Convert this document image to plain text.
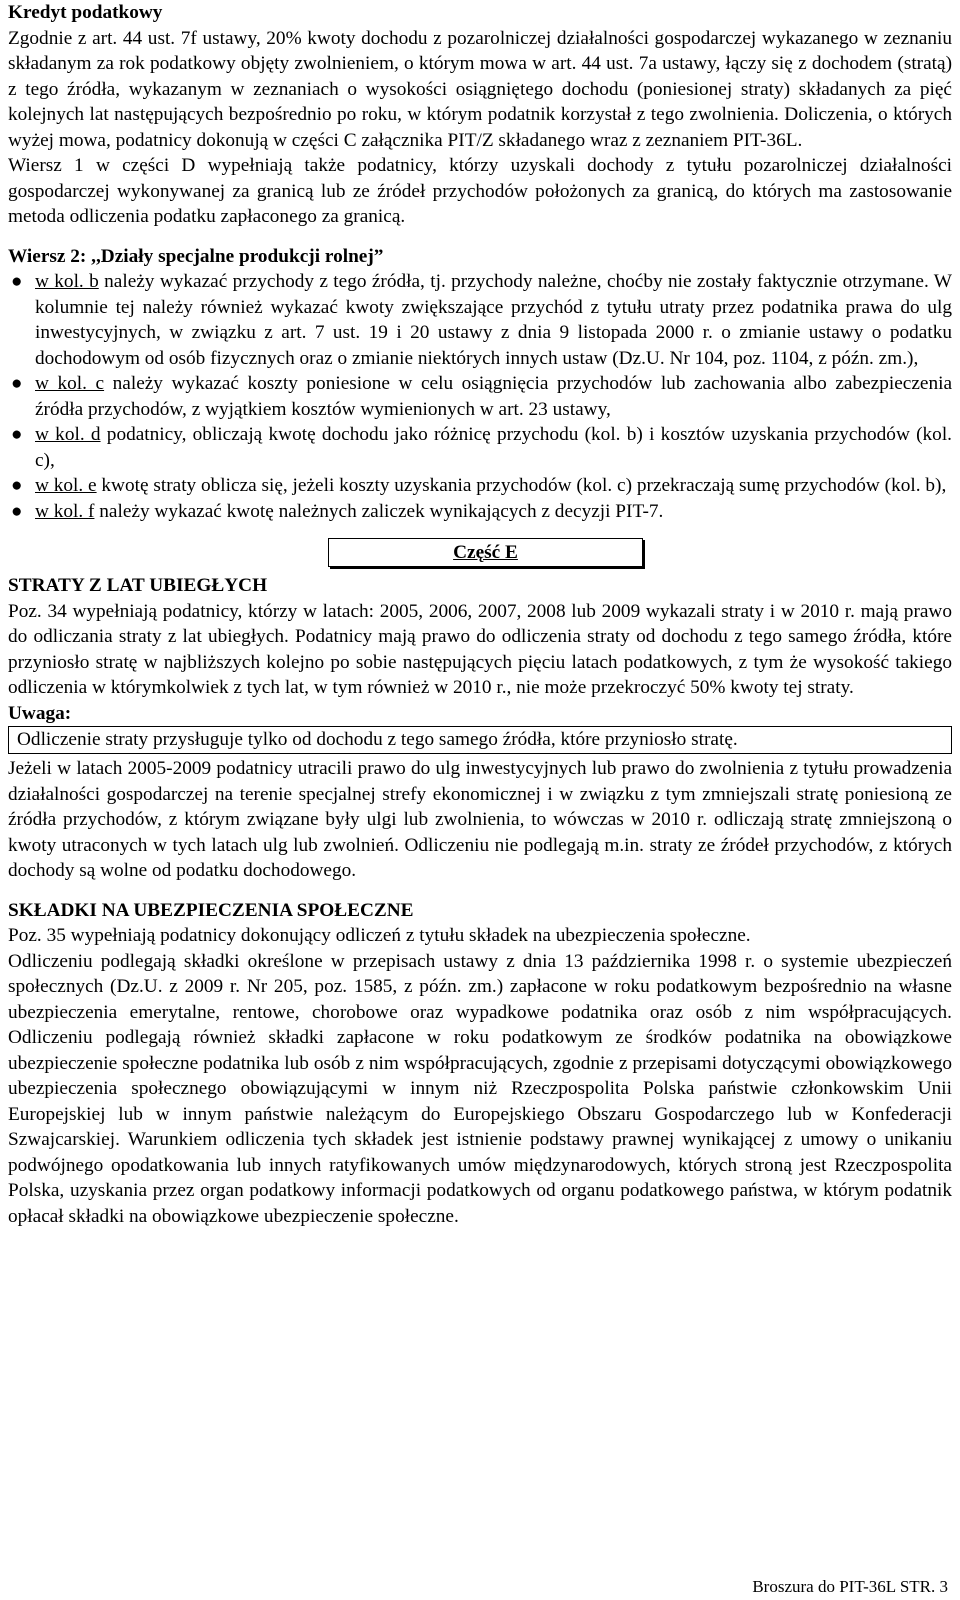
Kredyt podatkowy

Zgodnie z art. 44 ust. 7f ustawy, 20% kwoty dochodu z pozarolniczej działalności gospodarczej wykazanego w zeznaniu składanym za rok podatkowy objęty zwolnieniem, o którym mowa w art. 44 ust. 7a ustawy, łączy się z dochodem (stratą) z tego źródła, wykazanym w zeznaniach o wysokości osiągniętego dochodu (poniesionej straty) składanych za pięć kolejnych lat następujących bezpośrednio po roku, w którym podatnik korzystał z tego zwolnienia. Doliczenia, o których wyżej mowa, podatnicy dokonują w części C załącznika PIT/Z składanego wraz z zeznaniem PIT-36L.

Wiersz 1 w części D wypełniają także podatnicy, którzy uzyskali dochody z tytułu pozarolniczej działalności gospodarczej wykonywanej za granicą lub ze źródeł przychodów położonych za granicą, do których ma zastosowanie metoda odliczenia podatku zapłaconego za granicą.

Wiersz 2: ,,Działy specjalne produkcji rolnej”
● w kol. b należy wykazać przychody z tego źródła, tj. przychody należne, choćby nie zostały faktycznie otrzymane. W kolumnie tej należy również wykazać kwoty zwiększające przychód z tytułu utraty przez podatnika prawa do ulg inwestycyjnych, w związku z art. 7 ust. 19 i 20 ustawy z dnia 9 listopada 2000 r. o zmianie ustawy o podatku dochodowym od osób fizycznych oraz o zmianie niektórych innych ustaw (Dz.U. Nr 104, poz. 1104, z późn. zm.),
● w kol. c należy wykazać koszty poniesione w celu osiągnięcia przychodów lub zachowania albo zabezpieczenia źródła przychodów, z wyjątkiem kosztów wymienionych w art. 23 ustawy,
● w kol. d podatnicy, obliczają kwotę dochodu jako różnicę przychodu (kol. b) i kosztów uzyskania przychodów (kol. c),
● w kol. e kwotę straty oblicza się, jeżeli koszty uzyskania przychodów (kol. c) przekraczają sumę przychodów (kol. b),
● w kol. f należy wykazać kwotę należnych zaliczek wynikających z decyzji PIT-7.
Część E
STRATY Z LAT UBIEGŁYCH

Poz. 34 wypełniają podatnicy, którzy w latach: 2005, 2006, 2007, 2008 lub 2009 wykazali straty i w 2010 r. mają prawo do odliczania straty z lat ubiegłych. Podatnicy mają prawo do odliczenia straty od dochodu z tego samego źródła, które przyniosło stratę w najbliższych kolejno po sobie następujących pięciu latach podatkowych, z tym że wysokość takiego odliczenia w którymkolwiek z tych lat, w tym również w 2010 r., nie może przekroczyć 50% kwoty tej straty.

Uwaga:
Odliczenie straty przysługuje tylko od dochodu z tego samego źródła, które przyniosło stratę.

Jeżeli w latach 2005-2009 podatnicy utracili prawo do ulg inwestycyjnych lub prawo do zwolnienia z tytułu prowadzenia działalności gospodarczej na terenie specjalnej strefy ekonomicznej i w związku z tym zmniejszali stratę poniesioną ze źródła przychodów, z którym związane były ulgi lub zwolnienia, to wówczas w 2010 r. odliczają stratę zmniejszoną o kwoty utraconych w tych latach ulg lub zwolnień. Odliczeniu nie podlegają m.in. straty ze źródeł przychodów, z których dochody są wolne od podatku dochodowego.

SKŁADKI NA UBEZPIECZENIA SPOŁECZNE

Poz. 35 wypełniają podatnicy dokonujący odliczeń z tytułu składek na ubezpieczenia społeczne.

Odliczeniu podlegają składki określone w przepisach ustawy z dnia 13 października 1998 r. o systemie ubezpieczeń społecznych (Dz.U. z 2009 r. Nr 205, poz. 1585, z późn. zm.) zapłacone w roku podatkowym bezpośrednio na własne ubezpieczenia emerytalne, rentowe, chorobowe oraz wypadkowe podatnika oraz osób z nim współpracujących. Odliczeniu podlegają również składki zapłacone w roku podatkowym ze środków podatnika na obowiązkowe ubezpieczenie społeczne podatnika lub osób z nim współpracujących, zgodnie z przepisami dotyczącymi obowiązkowego ubezpieczenia społecznego obowiązującymi w innym niż Rzeczpospolita Polska państwie członkowskim Unii Europejskiej lub w innym państwie należącym do Europejskiego Obszaru Gospodarczego lub w Konfederacji Szwajcarskiej. Warunkiem odliczenia tych składek jest istnienie podstawy prawnej wynikającej z umowy o unikaniu podwójnego opodatkowania lub innych ratyfikowanych umów międzynarodowych, których stroną jest Rzeczpospolita Polska, uzyskania przez organ podatkowy informacji podatkowych od organu podatkowego państwa, w którym podatnik opłacał składki na obowiązkowe ubezpieczenie społeczne.

Broszura do PIT-36L STR. 3
